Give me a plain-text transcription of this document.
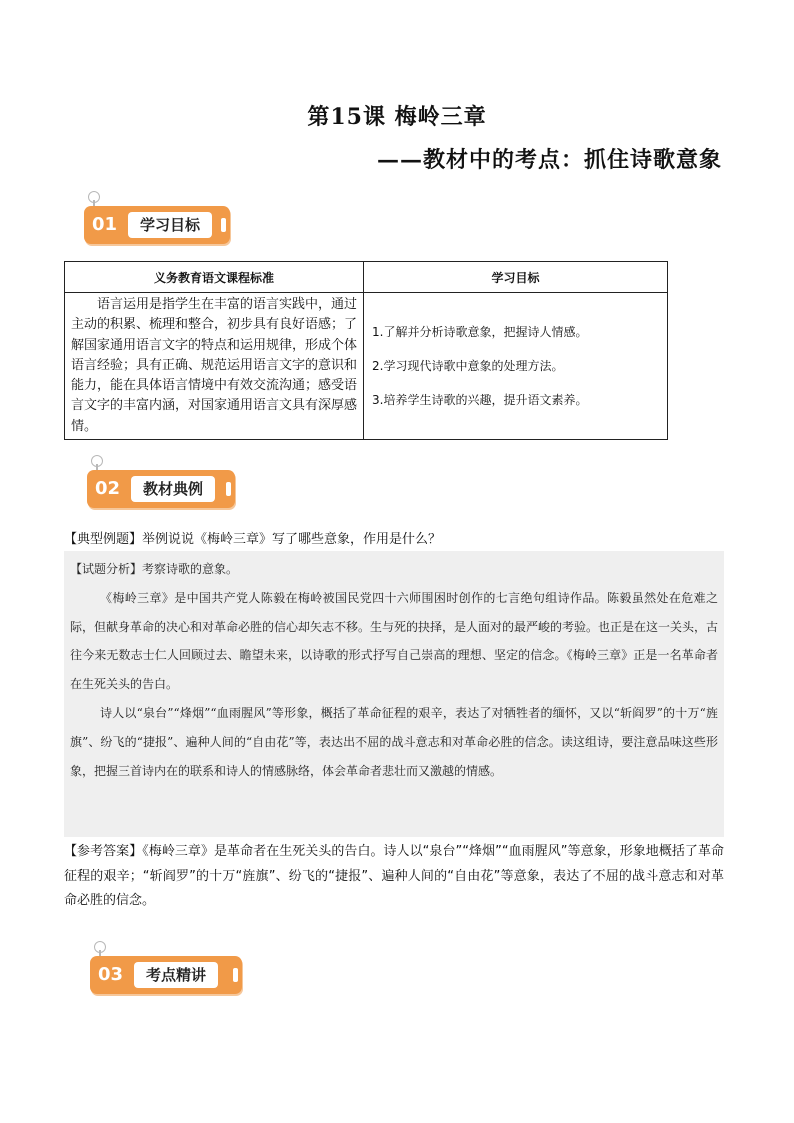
第15课 梅岭三章
——教材中的考点：抓住诗歌意象
01	学习目标
义务教育语文课程标准	学习目标
语言运用是指学生在丰富的语言实践中，通过主动的积累、梳理和整合，初步具有良好语感；了解国家通用语言文字的特点和运用规律，形成个体语言经验；具有正确、规范运用语言文字的意识和能力，能在具体语言情境中有效交流沟通；感受语言文字的丰富内涵，对国家通用语言文具有深厚感情。	1.了解并分析诗歌意象，把握诗人情感。

2.学习现代诗歌中意象的处理方法。

3.培养学生诗歌的兴趣，提升语文素养。

02	教材典例
【典型例题】举例说说《梅岭三章》写了哪些意象，作用是什么？

【试题分析】考察诗歌的意象。

《梅岭三章》是中国共产党人陈毅在梅岭被国民党四十六师围困时创作的七言绝句组诗作品。陈毅虽然处在危难之际，但献身革命的决心和对革命必胜的信心却矢志不移。生与死的抉择，是人面对的最严峻的考验。也正是在这一关头，古往今来无数志士仁人回顾过去、瞻望未来，以诗歌的形式抒写自己崇高的理想、坚定的信念。《梅岭三章》正是一名革命者在生死关头的告白。

诗人以“泉台”“烽烟”“血雨腥风”等形象，概括了革命征程的艰辛，表达了对牺牲者的缅怀，又以“斩阎罗”的十万“旌旗”、纷飞的“捷报”、遍种人间的“自由花”等，表达出不屈的战斗意志和对革命必胜的信念。读这组诗，要注意品味这些形象，把握三首诗内在的联系和诗人的情感脉络，体会革命者悲壮而又激越的情感。

【参考答案】《梅岭三章》是革命者在生死关头的告白。诗人以“泉台”“烽烟”“血雨腥风”等意象，形象地概括了革命征程的艰辛；“斩阎罗”的十万“旌旗”、纷飞的“捷报”、遍种人间的“自由花”等意象，表达了不屈的战斗意志和对革命必胜的信念。
03	考点精讲
